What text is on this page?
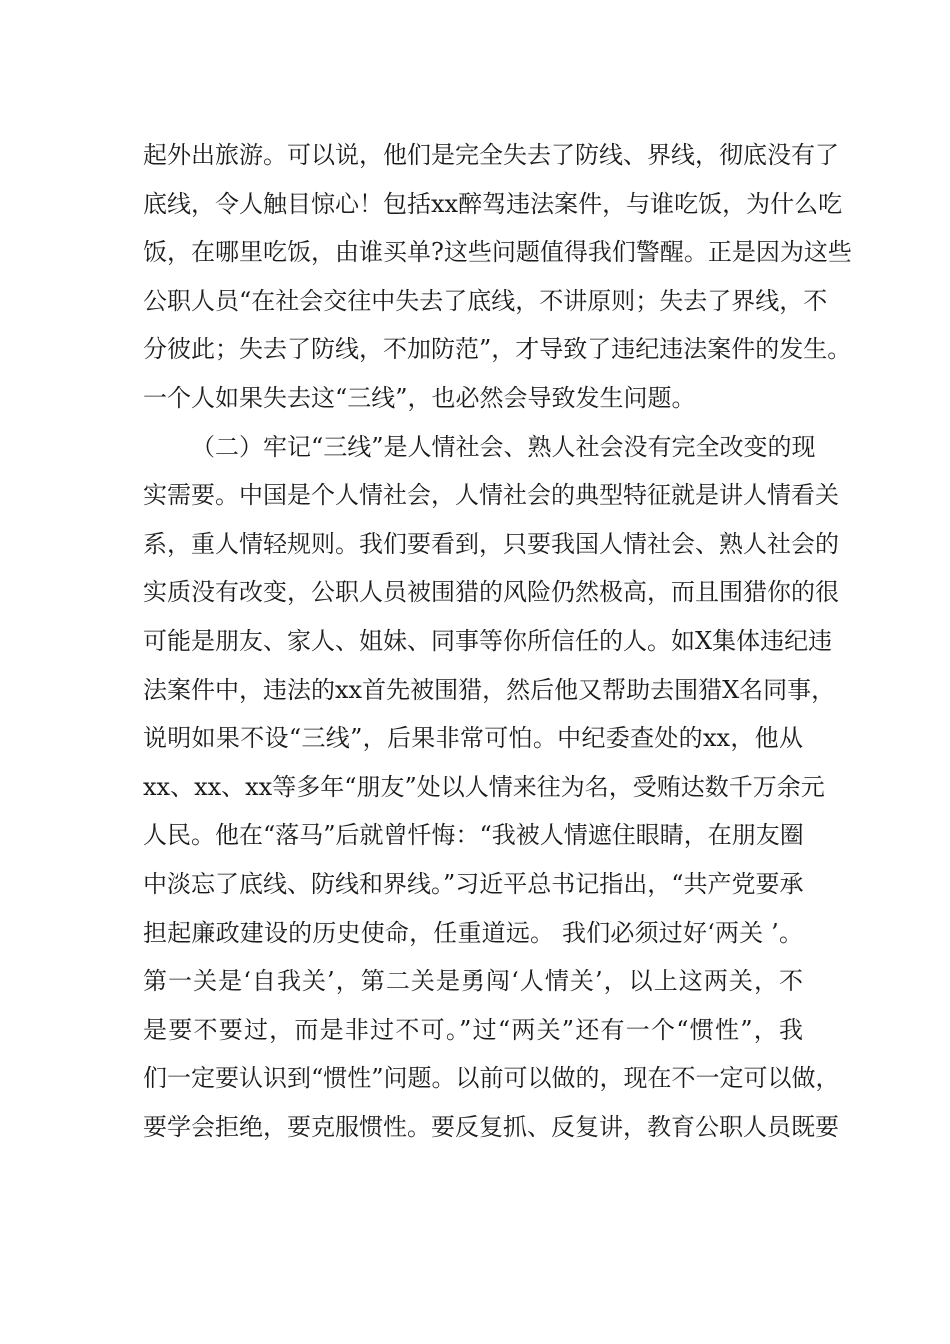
起外出旅游。可以说，他们是完全失去了防线、界线，彻底没有了
底线，令人触目惊心！包括xx醉驾违法案件，与谁吃饭，为什么吃
饭，在哪里吃饭，由谁买单?这些问题值得我们警醒。正是因为这些
公职人员“在社会交往中失去了底线，不讲原则；失去了界线，不
分彼此；失去了防线，不加防范”，才导致了违纪违法案件的发生。
一个人如果失去这“三线”，也必然会导致发生问题。
（二）牢记“三线”是人情社会、熟人社会没有完全改变的现
实需要。中国是个人情社会，人情社会的典型特征就是讲人情看关
系，重人情轻规则。我们要看到，只要我国人情社会、熟人社会的
实质没有改变，公职人员被围猎的风险仍然极高，而且围猎你的很
可能是朋友、家人、姐妹、同事等你所信任的人。如X集体违纪违
法案件中，违法的xx首先被围猎，然后他又帮助去围猎X名同事，
说明如果不设“三线”，后果非常可怕。中纪委查处的xx，他从
xx、xx、xx等多年“朋友”处以人情来往为名，受贿达数千万余元
人民。他在“落马”后就曾忏悔：“我被人情遮住眼睛，在朋友圈
中淡忘了底线、防线和界线。”习近平总书记指出，“共产党要承
担起廉政建设的历史使命，任重道远。 我们必须过好‘两关 ’。
第一关是‘自我关’，第二关是勇闯‘人情关’，以上这两关，不
是要不要过，而是非过不可。”过“两关”还有一个“惯性”，我
们一定要认识到“惯性”问题。以前可以做的，现在不一定可以做，
要学会拒绝，要克服惯性。要反复抓、反复讲，教育公职人员既要
